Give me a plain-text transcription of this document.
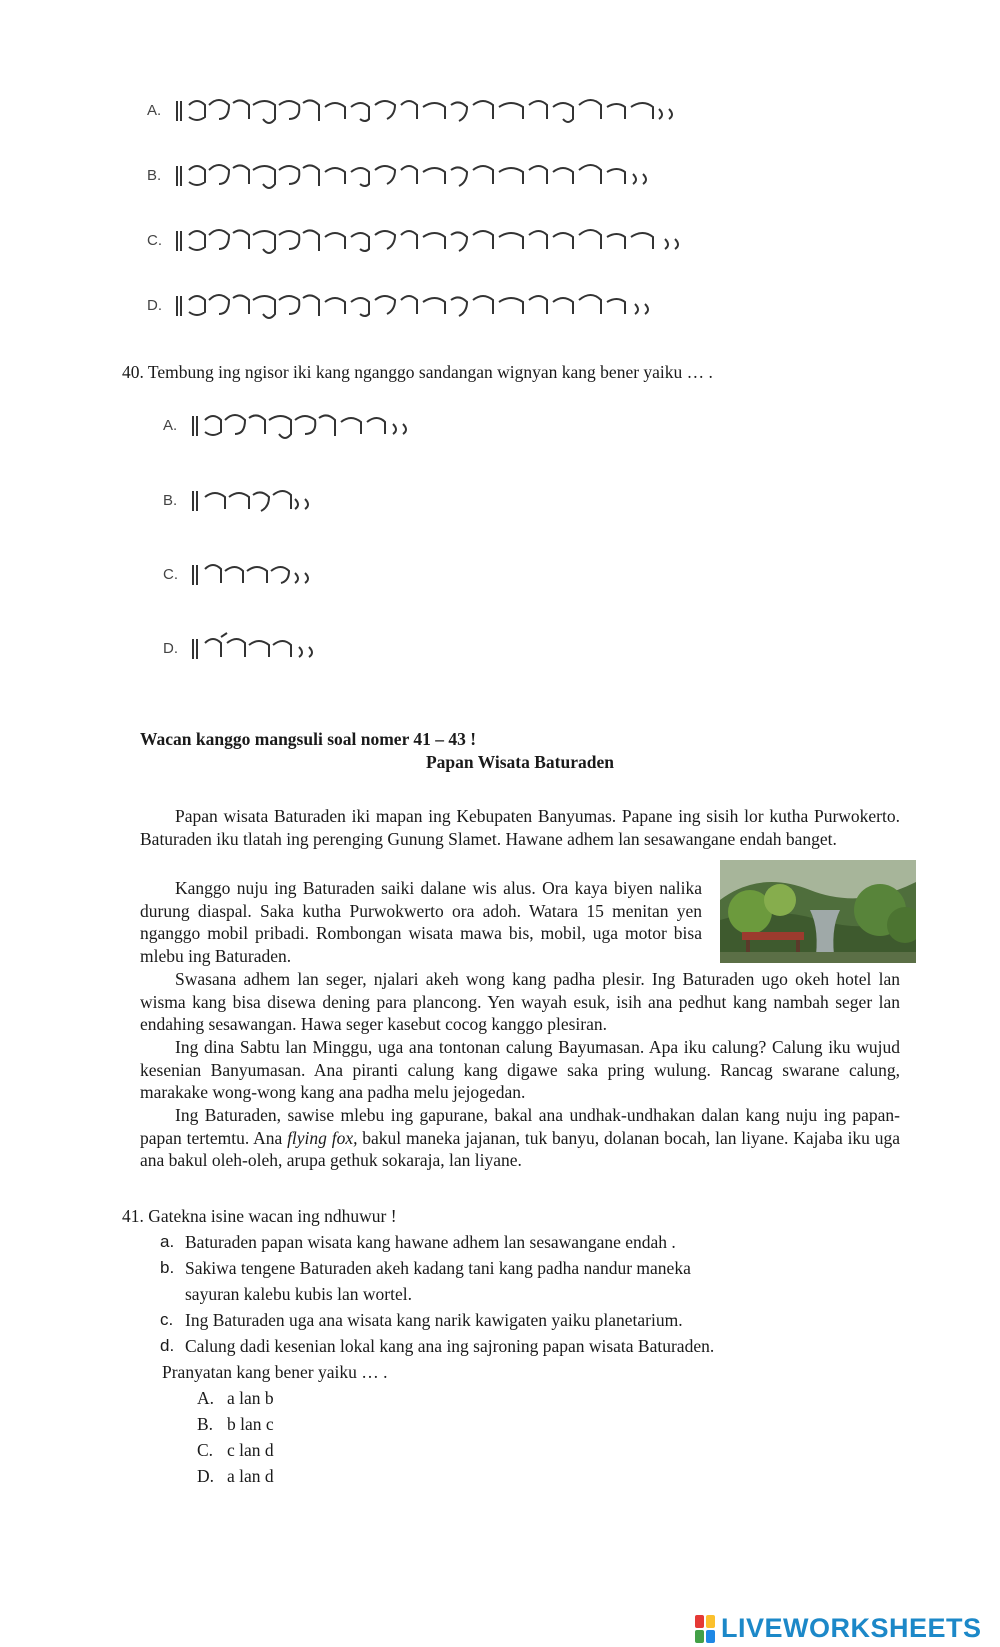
A.
B.
C.
D.
40. Tembung ing ngisor iki kang nganggo sandangan wignyan kang bener yaiku … .
A.
B.
C.
D.
Wacan kanggo mangsuli soal nomer 41 – 43 !
Papan Wisata Baturaden
Papan wisata Baturaden iki mapan ing Kebupaten Banyumas. Papane ing sisih lor kutha Purwokerto. Baturaden iku tlatah ing perenging Gunung Slamet. Hawane adhem lan sesawangane endah banget.
Kanggo nuju ing Baturaden saiki dalane wis alus. Ora kaya biyen nalika durung diaspal. Saka kutha Purwokwerto ora adoh. Watara 15 menitan yen nganggo mobil pribadi. Rombongan wisata mawa bis, mobil, uga motor bisa mlebu ing Baturaden.
Swasana adhem lan seger, njalari akeh wong kang padha plesir. Ing Baturaden ugo okeh hotel lan wisma kang bisa disewa dening para plancong. Yen wayah esuk, isih ana pedhut kang nambah seger lan endahing sesawangan. Hawa seger kasebut cocog kanggo plesiran.
Ing dina Sabtu lan Minggu, uga ana tontonan calung Bayumasan. Apa iku calung? Calung iku wujud kesenian Banyumasan. Ana piranti calung kang digawe saka pring wulung. Rancag swarane calung, marakake wong-wong kang ana padha melu jejogedan.
Ing Baturaden, sawise mlebu ing gapurane, bakal ana undhak-undhakan dalan kang nuju ing papan-papan tertemtu. Ana flying fox, bakul maneka jajanan, tuk banyu, dolanan bocah, lan liyane. Kajaba iku uga ana bakul oleh-oleh, arupa gethuk sokaraja, lan liyane.
41. Gatekna isine wacan ing ndhuwur !
a. Baturaden papan wisata kang hawane adhem lan sesawangane endah .
b. Sakiwa tengene Baturaden akeh kadang tani kang padha nandur maneka
sayuran kalebu kubis lan wortel.
c. Ing Baturaden uga ana wisata kang narik kawigaten yaiku planetarium.
d. Calung dadi kesenian lokal kang ana ing sajroning papan wisata Baturaden.
Pranyatan kang bener yaiku … .
A. a lan b
B. b lan c
C. c lan d
D. a lan d
LIVEWORKSHEETS
